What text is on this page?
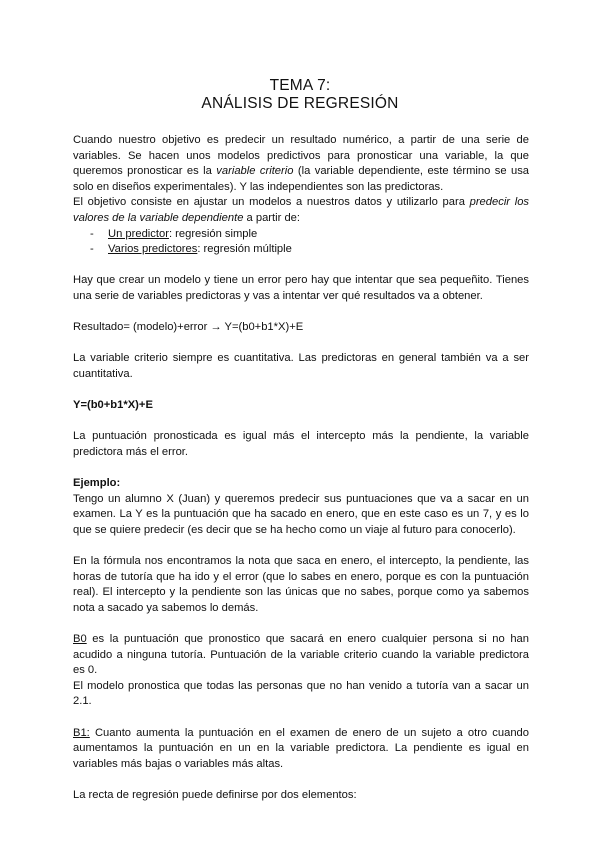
TEMA 7:
ANÁLISIS DE REGRESIÓN

Cuando nuestro objetivo es predecir un resultado numérico, a partir de una serie de variables. Se hacen unos modelos predictivos para pronosticar una variable, la que queremos pronosticar es la variable criterio (la variable dependiente, este término se usa solo en diseños experimentales). Y las independientes son las predictoras.

El objetivo consiste en ajustar un modelos a nuestros datos y utilizarlo para predecir los valores de la variable dependiente a partir de:

- Un predictor: regresión simple
- Varios predictores: regresión múltiple

Hay que crear un modelo y tiene un error pero hay que intentar que sea pequeñito. Tienes una serie de variables predictoras y vas a intentar ver qué resultados va a obtener.

Resultado= (modelo)+error → Y=(b0+b1*X)+E

La variable criterio siempre es cuantitativa. Las predictoras en general también va a ser cuantitativa.

Y=(b0+b1*X)+E

La puntuación pronosticada es igual más el intercepto más la pendiente, la variable predictora más el error.

Ejemplo:

Tengo un alumno X (Juan) y queremos predecir sus puntuaciones que va a sacar en un examen. La Y es la puntuación que ha sacado en enero, que en este caso es un 7, y es lo que se quiere predecir (es decir que se ha hecho como un viaje al futuro para conocerlo).

En la fórmula nos encontramos la nota que saca en enero, el intercepto, la pendiente, las horas de tutoría que ha ido y el error (que lo sabes en enero, porque es con la puntuación real). El intercepto y la pendiente son las únicas que no sabes, porque como ya sabemos nota a sacado ya sabemos lo demás.

B0 es la puntuación que pronostico que sacará en enero cualquier persona si no han acudido a ninguna tutoría. Puntuación de la variable criterio cuando la variable predictora es 0.

El modelo pronostica que todas las personas que no han venido a tutoría van a sacar un 2.1.

B1: Cuanto aumenta la puntuación en el examen de enero de un sujeto a otro cuando aumentamos la puntuación en un en la variable predictora. La pendiente es igual en variables más bajas o variables más altas.

La recta de regresión puede definirse por dos elementos:
